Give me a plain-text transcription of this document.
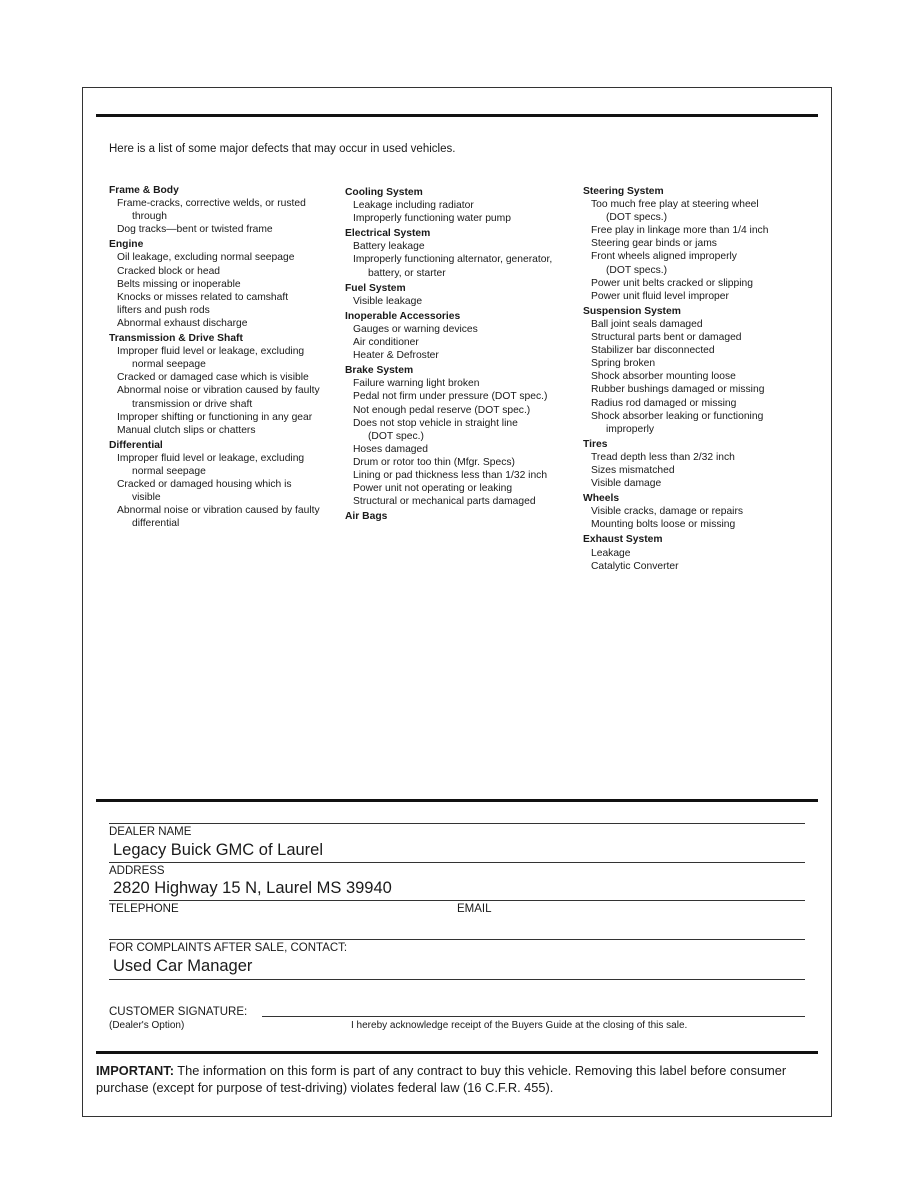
Here is a list of some major defects that may occur in used vehicles.
Frame & Body
Frame-cracks, corrective welds, or rusted
through
Dog tracks—bent or twisted frame
Engine
Oil leakage, excluding normal seepage
Cracked block or head
Belts missing or inoperable
Knocks or misses related to camshaft
lifters and push rods
Abnormal exhaust discharge
Transmission & Drive Shaft
Improper fluid level or leakage, excluding
normal seepage
Cracked or damaged case which is visible
Abnormal noise or vibration caused by faulty
transmission or drive shaft
Improper shifting or functioning in any gear
Manual clutch slips or chatters
Differential
Improper fluid level or leakage, excluding
normal seepage
Cracked or damaged housing which is
visible
Abnormal noise or vibration caused by faulty
differential
Cooling System
Leakage including radiator
Improperly functioning water pump
Electrical System
Battery leakage
Improperly functioning alternator, generator,
battery, or starter
Fuel System
Visible leakage
Inoperable Accessories
Gauges or warning devices
Air conditioner
Heater & Defroster
Brake System
Failure warning light broken
Pedal not firm under pressure (DOT spec.)
Not enough pedal reserve (DOT spec.)
Does not stop vehicle in straight line
(DOT spec.)
Hoses damaged
Drum or rotor too thin (Mfgr. Specs)
Lining or pad thickness less than 1/32 inch
Power unit not operating or leaking
Structural or mechanical parts damaged
Air Bags
Steering System
Too much free play at steering wheel
(DOT specs.)
Free play in linkage more than 1/4 inch
Steering gear binds or jams
Front wheels aligned improperly
(DOT specs.)
Power unit belts cracked or slipping
Power unit fluid level improper
Suspension System
Ball joint seals damaged
Structural parts bent or damaged
Stabilizer bar disconnected
Spring broken
Shock absorber mounting loose
Rubber bushings damaged or missing
Radius rod damaged or missing
Shock absorber leaking or functioning
improperly
Tires
Tread depth less than 2/32 inch
Sizes mismatched
Visible damage
Wheels
Visible cracks, damage or repairs
Mounting bolts loose or missing
Exhaust System
Leakage
Catalytic Converter
DEALER NAME
Legacy Buick GMC of Laurel
ADDRESS
2820 Highway 15 N, Laurel MS 39940
TELEPHONE	EMAIL
FOR COMPLAINTS AFTER SALE, CONTACT:
Used Car Manager
CUSTOMER SIGNATURE:
(Dealer's Option)	I hereby acknowledge receipt of the Buyers Guide at the closing of this sale.
IMPORTANT: The information on this form is part of any contract to buy this vehicle. Removing this label before consumer purchase (except for purpose of test-driving) violates federal law (16 C.F.R. 455).
